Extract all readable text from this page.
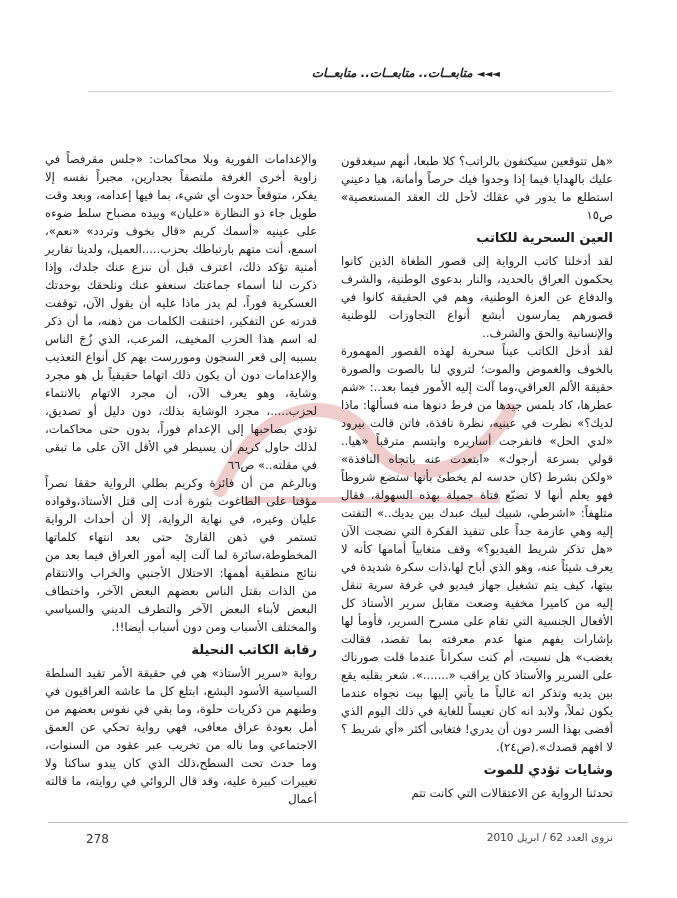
◄◄◄ متابعــات.. متابعــات.. متابعــات

«هل تتوقعين سيكتفون بالراتب؟ كلا طبعا، أنهم سيغدقون عليك بالهدايا فيما إذا وجدوا فيك حرصاً وأمانة، هيا دعيني استطلع ما يدور في عقلك لأحل لك العقد المستعصية» ص١٥

العين السحرية للكاتب

لقد أدخلنا كاتب الرواية إلى قصور الطغاة الذين كانوا يحكمون العراق بالحديد، والنار بدعوى الوطنية، والشرف والدفاع عن العزة الوطنية، وهم في الحقيقة كانوا في قصورهم يمارسون أبشع أنواع التجاوزات للوطنية والإنسانية والحق والشرف..

لقد أدخل الكاتب عيناً سحرية لهذه القصور المهمورة بالخوف والغموض والموت؛ لتروي لنا بالصوت والصورة حقيقة الألم العراقي،وما آلت إليه الأمور فيما بعد..: «شم عطرها، كاد يلمس جيدها من فرط دنوها منه فسألها: ماذا لديك؟» نظرت في عينيه، نظرة نافذة، فاتن قالت بيرود «لدي الحل» فانفرجت أساريره وابتسم مترقباً «هيا.. قولي بسرعة أرجوك» «ابتعدت عنه باتجاه النافذة» «ولكن بشرط (كان حدسه لم يخطئ بأنها ستضع شروطاً فهو يعلم أنها لا تضيّع فتاة جميلة بهذه السهولة، فقال متلهفاً: «اشرطي، شبيك لبيك عبدك بين يديك..» التفتت إليه وهي عازمة جداً على تنفيذ الفكرة التي نضجت الآن «هل تذكر شريط الفيديو؟» وقف متغابياً أمامها كأنه لا يعرف شيئاً عنه، وهو الذي أباح لها،ذات سكرة شديدة في بيتها، كيف يتم تشغيل جهاز فيديو في غرفة سرية تنقل إليه من كاميرا مخفية وضعت مقابل سرير الأستاذ كل الأفعال الجنسية التي تقام على مسرح السرير، فأومأ لها بإشارات يفهم منها عدم معرفته بما تقصد، فقالت بغضب» هل نسيت، أم كنت سكراناً عندما قلت صورناك على السرير والأستاذ كان يراقب «.......». شعر بقلبه يقع بين يديه وتذكر انه غالباً ما يأتي إليها بيت نجواه عندما يكون ثملاً، ولابد انه كان تعيساً للغاية في ذلك اليوم الذي أفضى بهذا السر دون أن يدري! فتغابى أكثر «أي شريط ؟ لا افهم قصدك».(ص٢٤).

وشايات تؤدي للموت

تحدثنا الرواية عن الاعتقالات التي كانت تتم

والإعدامات الفورية وبلا محاكمات: «جلس مقرفصاً في زاوية أخرى الغرفة ملتصقاً بجدارين، مجبراً نفسه إلا يفكر، متوقعاً حدوث أي شيء، بما فيها إعدامه، وبعد وقت طويل جاء ذو النظارة «عليان» وبيده مصباح سلط ضوءه على عينيه «أسمك كريم «قال بخوف وتردد» «نعم»، اسمع، أنت متهم بارتباطك بحزب.....العميل، ولدينا تقارير أمنية تؤكد ذلك، اعترف قبل أن ننزع عنك جلدك، وإذا ذكرت لنا أسماء جماعتك سنعفو عنك ونلحقك بوحدتك العسكرية فوراً، لم يدر ماذا عليه أن يقول الآن، توقفت قدرته عن التفكير، اختنقت الكلمات من ذهنه، ما أن ذكر له اسم هذا الحزب المخيف، المرعب، الذي زُجَ الناس بسببه إلى قعر السجون وموررست بهم كل أنواع التعذيب والإعدامات دون أن يكون ذلك اتهاما حقيقياً بل هو مجرد وشاية، وهو يعرف الآن، أن مجرد الاتهام بالانتماء لحزب.....، مجرد الوشاية بذلك، دون دليل أو تصديق، تؤدي بصاحبها إلى الإعدام فوراً، بدون حتى محاكمات، لذلك حاول كريم أن يسيطر في الأقل الآن على ما تبقى في مقلته..» ص٦٦

وبالرغم من أن فائزة وكريم بطلي الرواية حققا نصراً مؤقتا على الطاغوت بثورة أدت إلى قتل الأستاذ،وقواده عليان وغيره، في نهاية الرواية، إلا أن أحداث الرواية تستمر في ذهن القارئ حتى بعد انتهاء كلماتها المخطوطة،سائرة لما آلت إليه أمور العراق فيما بعد من نتائج منطقية أهمها: الاحتلال الأجنبي والخراب والانتقام من الذات بقتل الناس بعضهم البعض الآخر، واختطاف البعض لأبناء البعض الآخر والتطرف الديني والسياسي والمختلف الأسباب ومن دون أسباب أيضا!!.

رقابة الكاتب النحيلة

رواية «سرير الأستاذ» هي في حقيقة الأمر تقيد السلطة السياسية الأسود البشع، ابتلع كل ما عاشه العراقيون في وطنهم من ذكريات حلوة، وما بقي في نفوس بعضهم من أمل بعودة عراق معافى، فهي رواية تحكي عن العمق الاجتماعي وما ناله من تخريب عبر عقود من السنوات، وما حدث تحت السطح،ذلك الذي كان يبدو ساكنا ولا تغييرات كبيرة عليه، وقد قال الروائي في روايته، ما قالته أعمال

278	نزوى العدد 62 / ابريل 2010
